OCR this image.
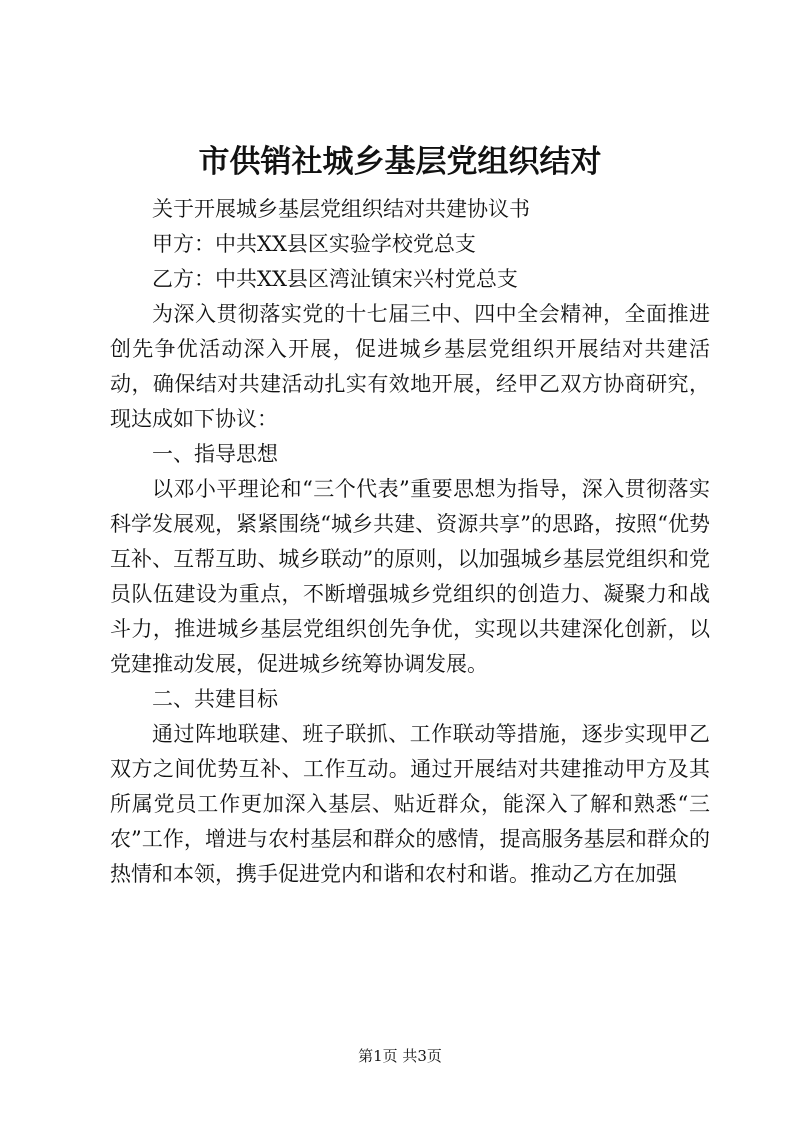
市供销社城乡基层党组织结对

关于开展城乡基层党组织结对共建协议书

甲方：中共XX县区实验学校党总支

乙方：中共XX县区湾沚镇宋兴村党总支

为深入贯彻落实党的十七届三中、四中全会精神，全面推进创先争优活动深入开展，促进城乡基层党组织开展结对共建活动，确保结对共建活动扎实有效地开展，经甲乙双方协商研究，现达成如下协议：

一、指导思想

以邓小平理论和“三个代表”重要思想为指导，深入贯彻落实科学发展观，紧紧围绕“城乡共建、资源共享”的思路，按照“优势互补、互帮互助、城乡联动”的原则，以加强城乡基层党组织和党员队伍建设为重点，不断增强城乡党组织的创造力、凝聚力和战斗力，推进城乡基层党组织创先争优，实现以共建深化创新，以党建推动发展，促进城乡统筹协调发展。

二、共建目标

通过阵地联建、班子联抓、工作联动等措施，逐步实现甲乙双方之间优势互补、工作互动。通过开展结对共建推动甲方及其所属党员工作更加深入基层、贴近群众，能深入了解和熟悉“三农”工作，增进与农村基层和群众的感情，提高服务基层和群众的热情和本领，携手促进党内和谐和农村和谐。推动乙方在加强

第1页 共3页
